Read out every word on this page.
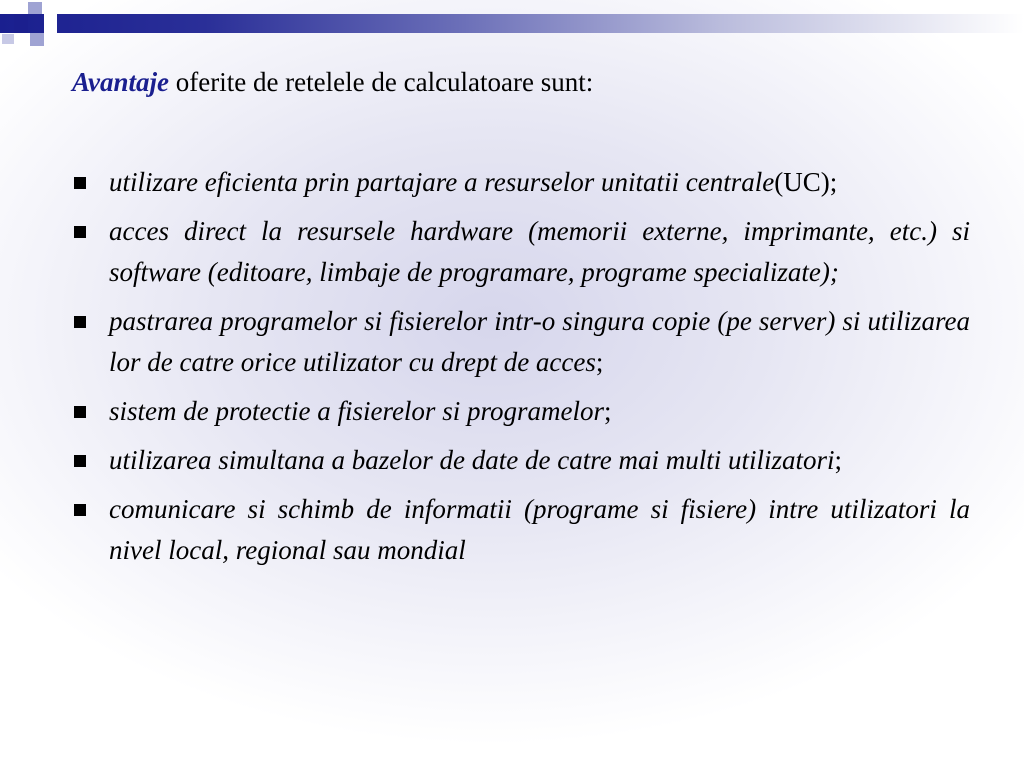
Avantaje oferite de retelele de calculatoare sunt:
utilizare eficienta prin partajare a resurselor unitatii centrale(UC);
acces direct la resursele hardware (memorii externe, imprimante, etc.) si software (editoare, limbaje de programare, programe specializate);
pastrarea programelor si fisierelor intr-o singura copie (pe server) si utilizarea lor de catre orice utilizator cu drept de acces;
sistem de protectie a fisierelor si programelor;
utilizarea simultana a bazelor de date de catre mai multi utilizatori;
comunicare si schimb de informatii (programe si fisiere) intre utilizatori la nivel local, regional sau mondial
